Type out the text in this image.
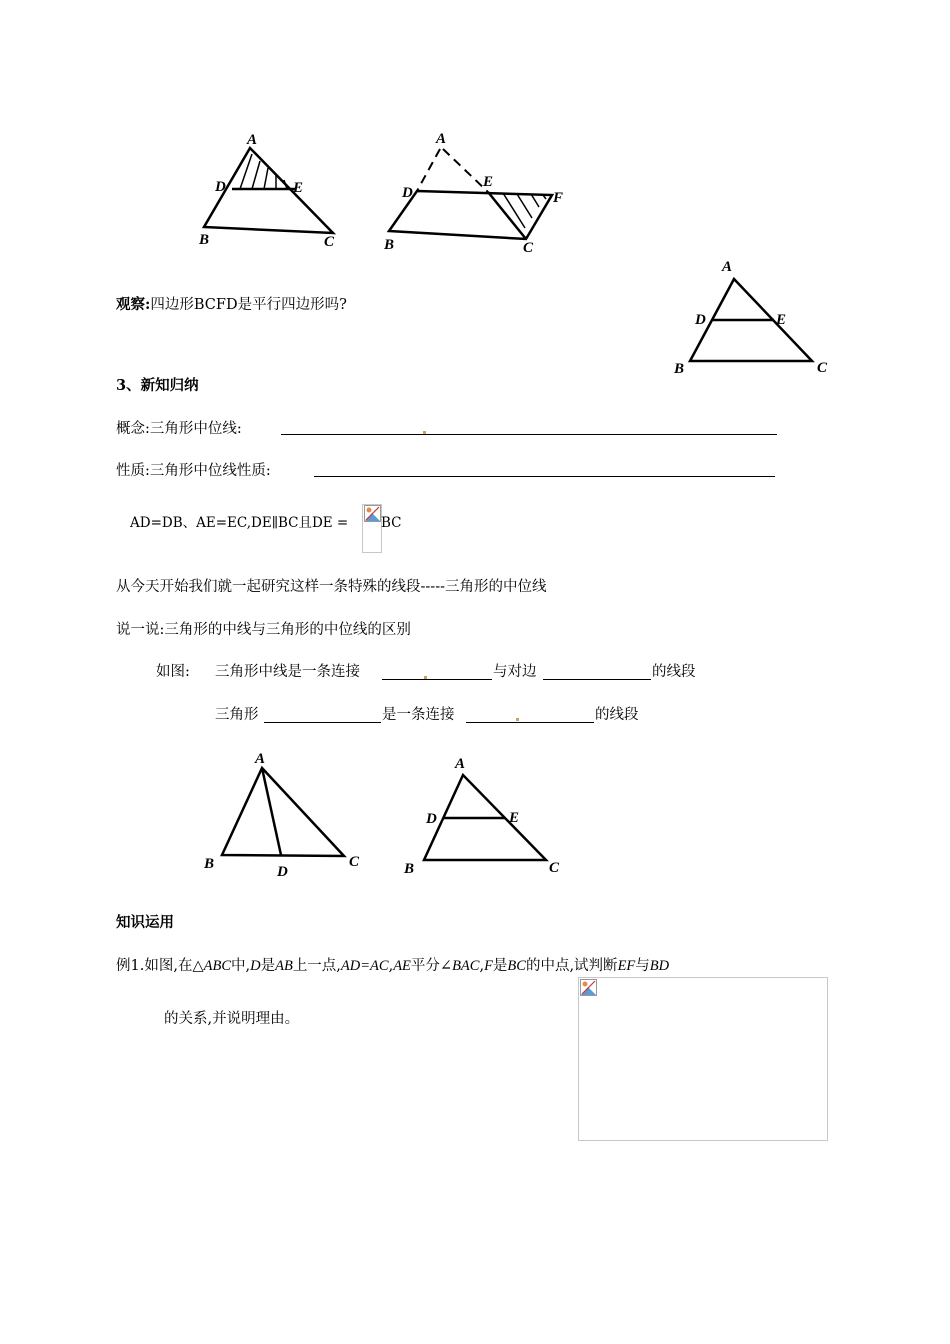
A
D	E
B	C
A
D
E
F
B	C
A
D	E
B	C
观察:四边形BCFD是平行四边形吗?
3、新知归纳
概念:三角形中位线:
性质:三角形中位线性质:
AD=DB、AE=EC,DE∥BC且DE = BC
从今天开始我们就一起研究这样一条特殊的线段-----三角形的中位线
说一说:三角形的中线与三角形的中位线的区别
如图: 三角形中线是一条连接	与对边	的线段
三角形	是一条连接	的线段
A
B	D
C
A
D	E
B	C
知识运用
例1.如图,在△ABC中,D是AB上一点,AD=AC,AE平分∠BAC,F是BC的中点,试判断EF与BD
的关系,并说明理由。
